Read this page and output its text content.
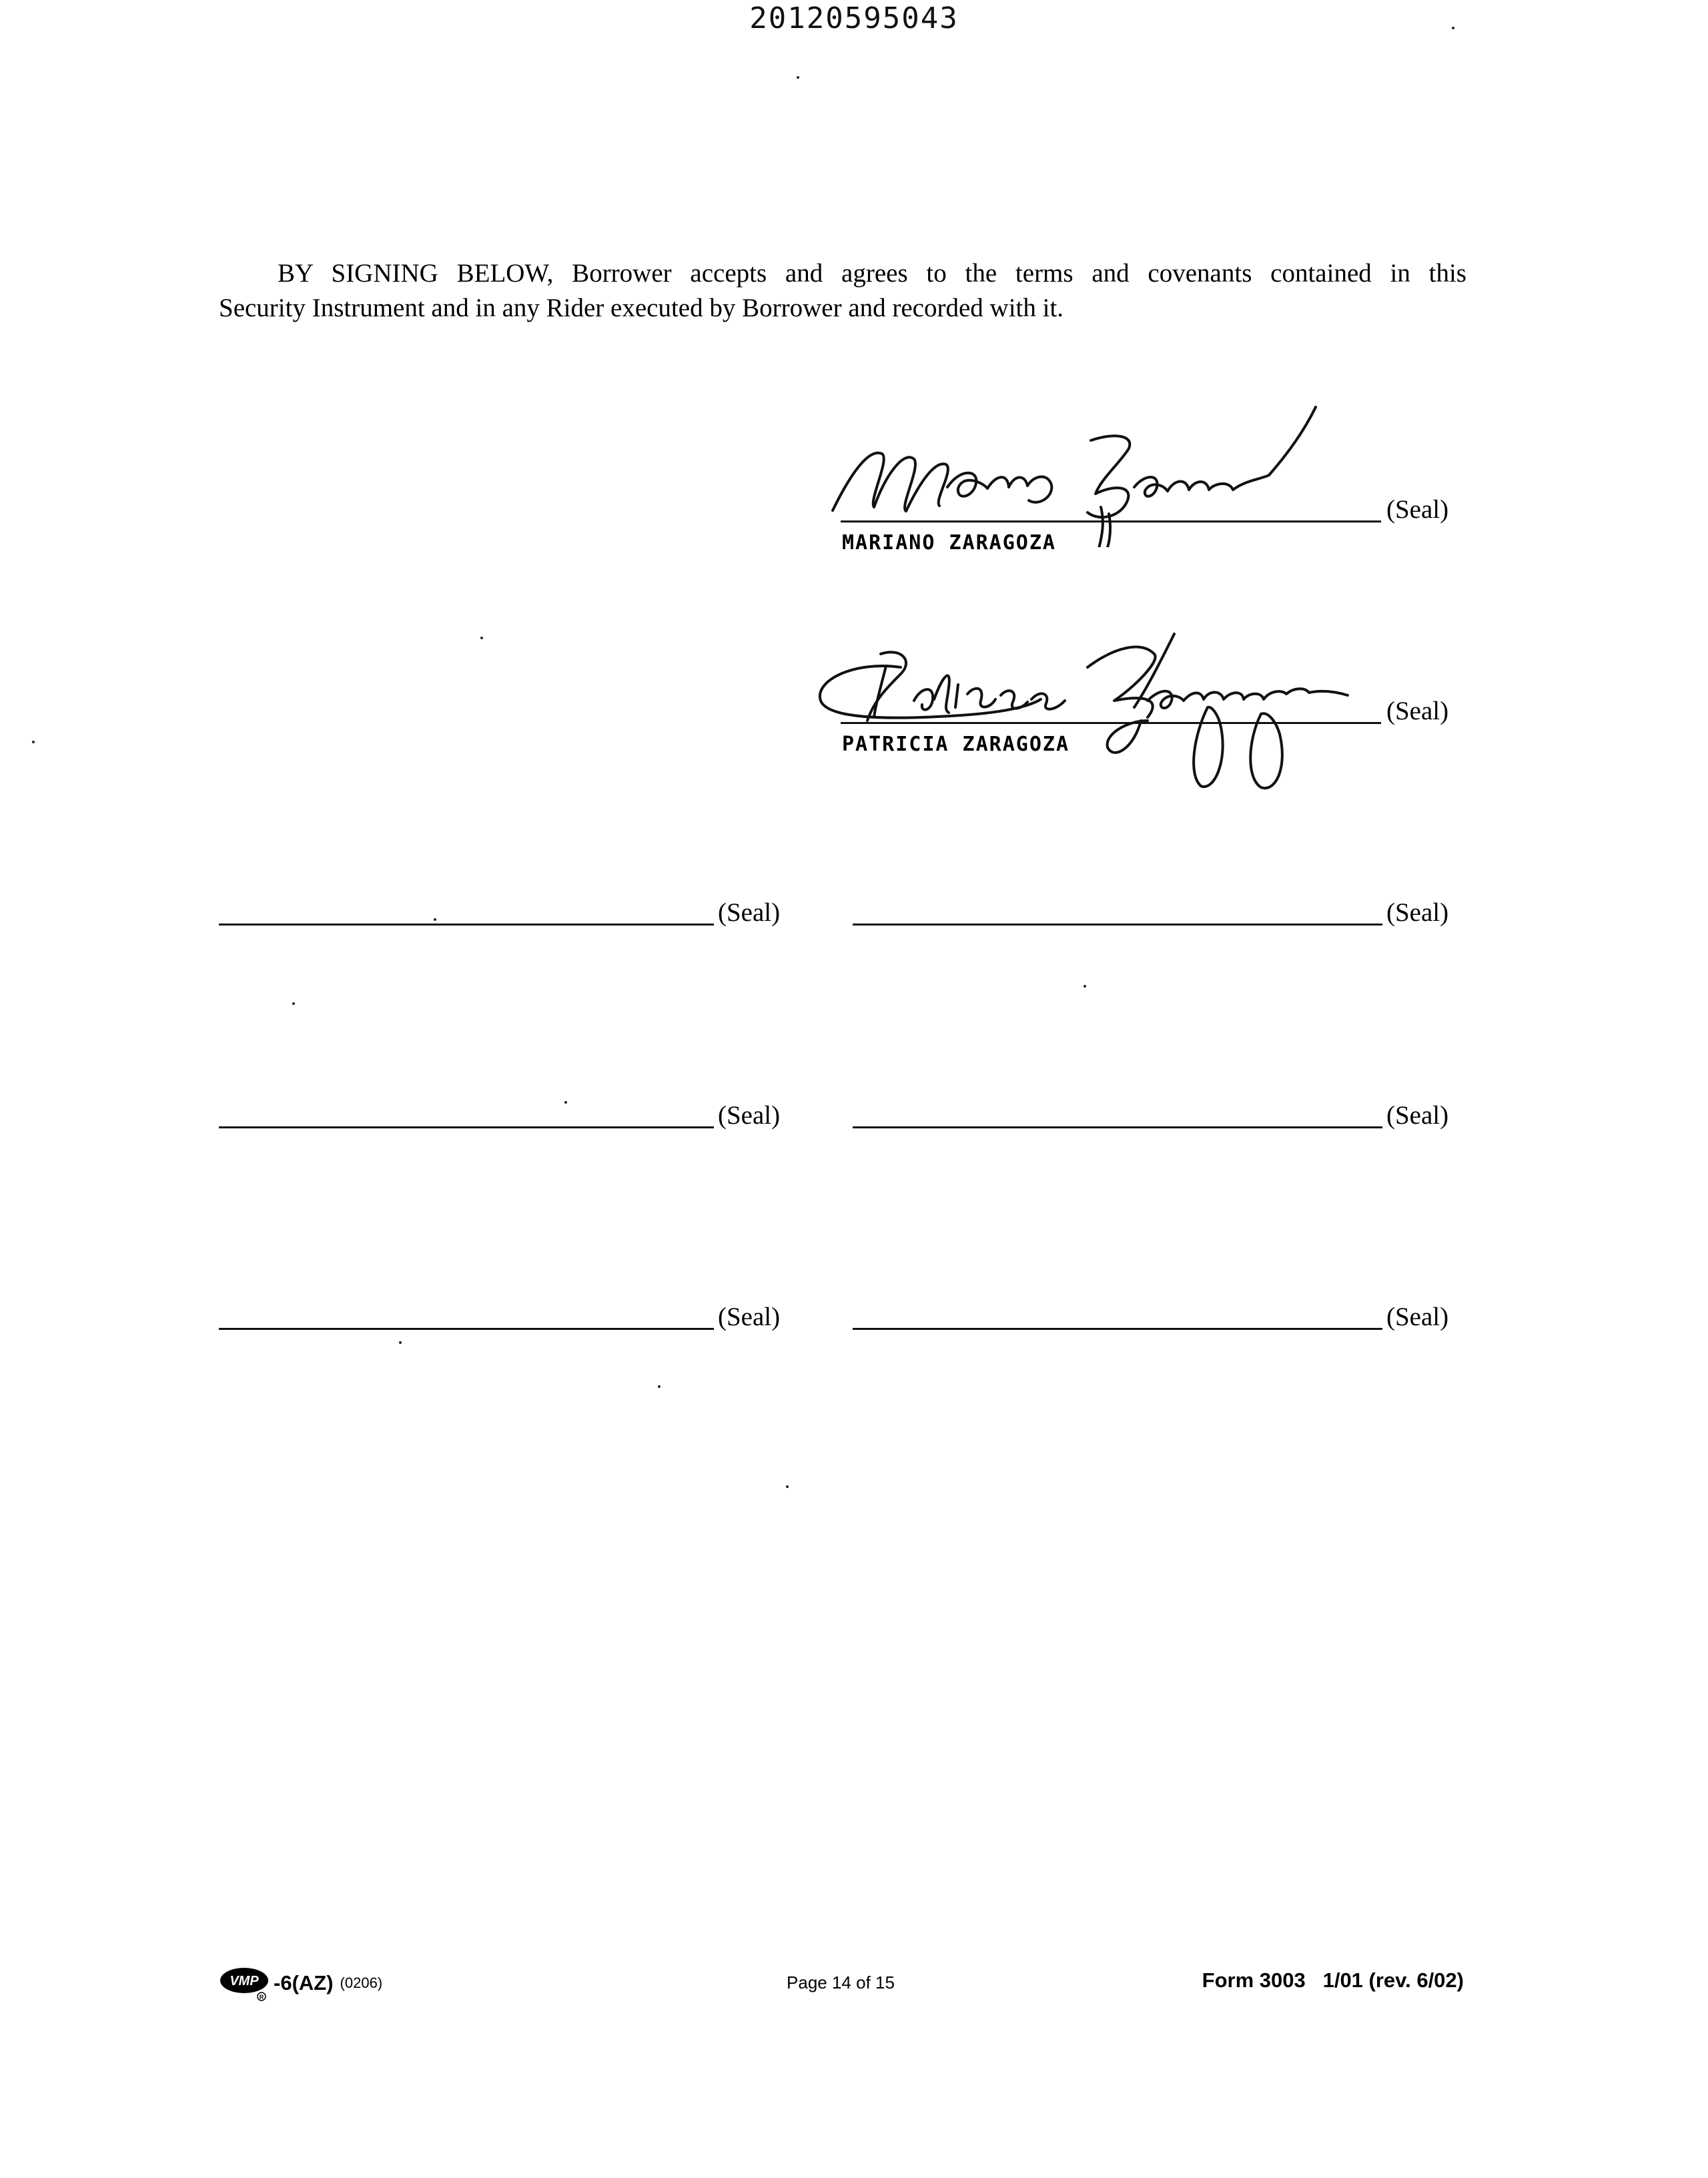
20120595043
BY SIGNING BELOW, Borrower accepts and agrees to the terms and covenants contained in this
Security Instrument and in any Rider executed by Borrower and recorded with it.
(Seal)
MARIANO ZARAGOZA
(Seal)
PATRICIA ZARAGOZA
(Seal)	(Seal)
(Seal)	(Seal)
(Seal)	(Seal)
VMP
R
-6(AZ) (0206)	Page 14 of 15	Form 3003   1/01 (rev. 6/02)
